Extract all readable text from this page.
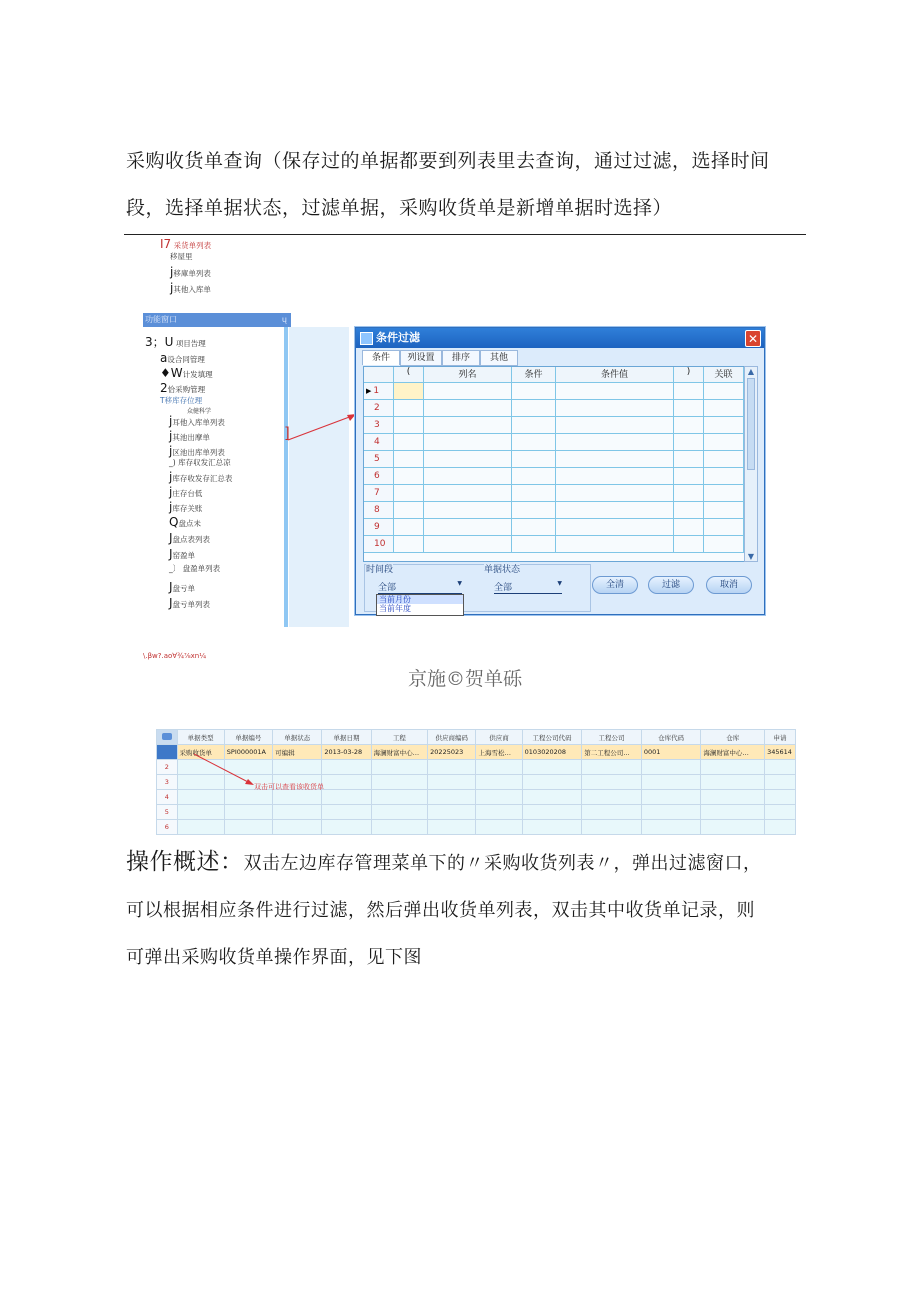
采购收货单查询（保存过的单据都要到列表里去查询，通过过滤，选择时间
段，选择单据状态，过滤单据，采购收货单是新增单据时选择）
I7 采货单列表
移屋里
j移庫单列表
j其他入库单
功能窗口	ų
3；U 项目告理
a设合同管理
♦W计发填理
2恰采购管理
T移库存位理
众健科学
j耳他入库单列表
j其池出摩单
j区池出库单列表
_) 库存収发汇总凉
j库存收发存汇总表
j庄存台低
j库存关账
Q盘点未
J盘点表列表
J窑盈单
_〕 盘盈单列表
J盘亏单
J盘亏单列表
]
条件过滤	✕
条件	列设置	排序	其他
(	列名	条件	条件值	)	关联
▶ 1
2
3
4
5
6
7
8
9
10
▲
▼
时间段
全部	▼
当前月份
当前年度
单据状态
全部	▼	全清	过滤	取消
\.βw?.ao∀¾⅞xn¼
京施©贺单砾
	单据类型	单据编号	单据状态	单据日期	工程	供应商编码	供应商	工程公司代码	工程公司	仓库代码	仓库	申请
	采购收货单	SPI000001A	可编辑	2013-03-28	海澜财富中心…	20225023	上海雪松…	0103020208	第二工程公司…	0001	海澜财富中心…	345614
2												
3												
4												
5												
6												
双击可以查看该收货单
操作概述：双击左边库存管理菜单下的〃采购收货列表〃，弹出过滤窗口，
可以根据相应条件进行过滤，然后弹出收货单列表，双击其中收货单记录，则
可弹出采购收货单操作界面，见下图
